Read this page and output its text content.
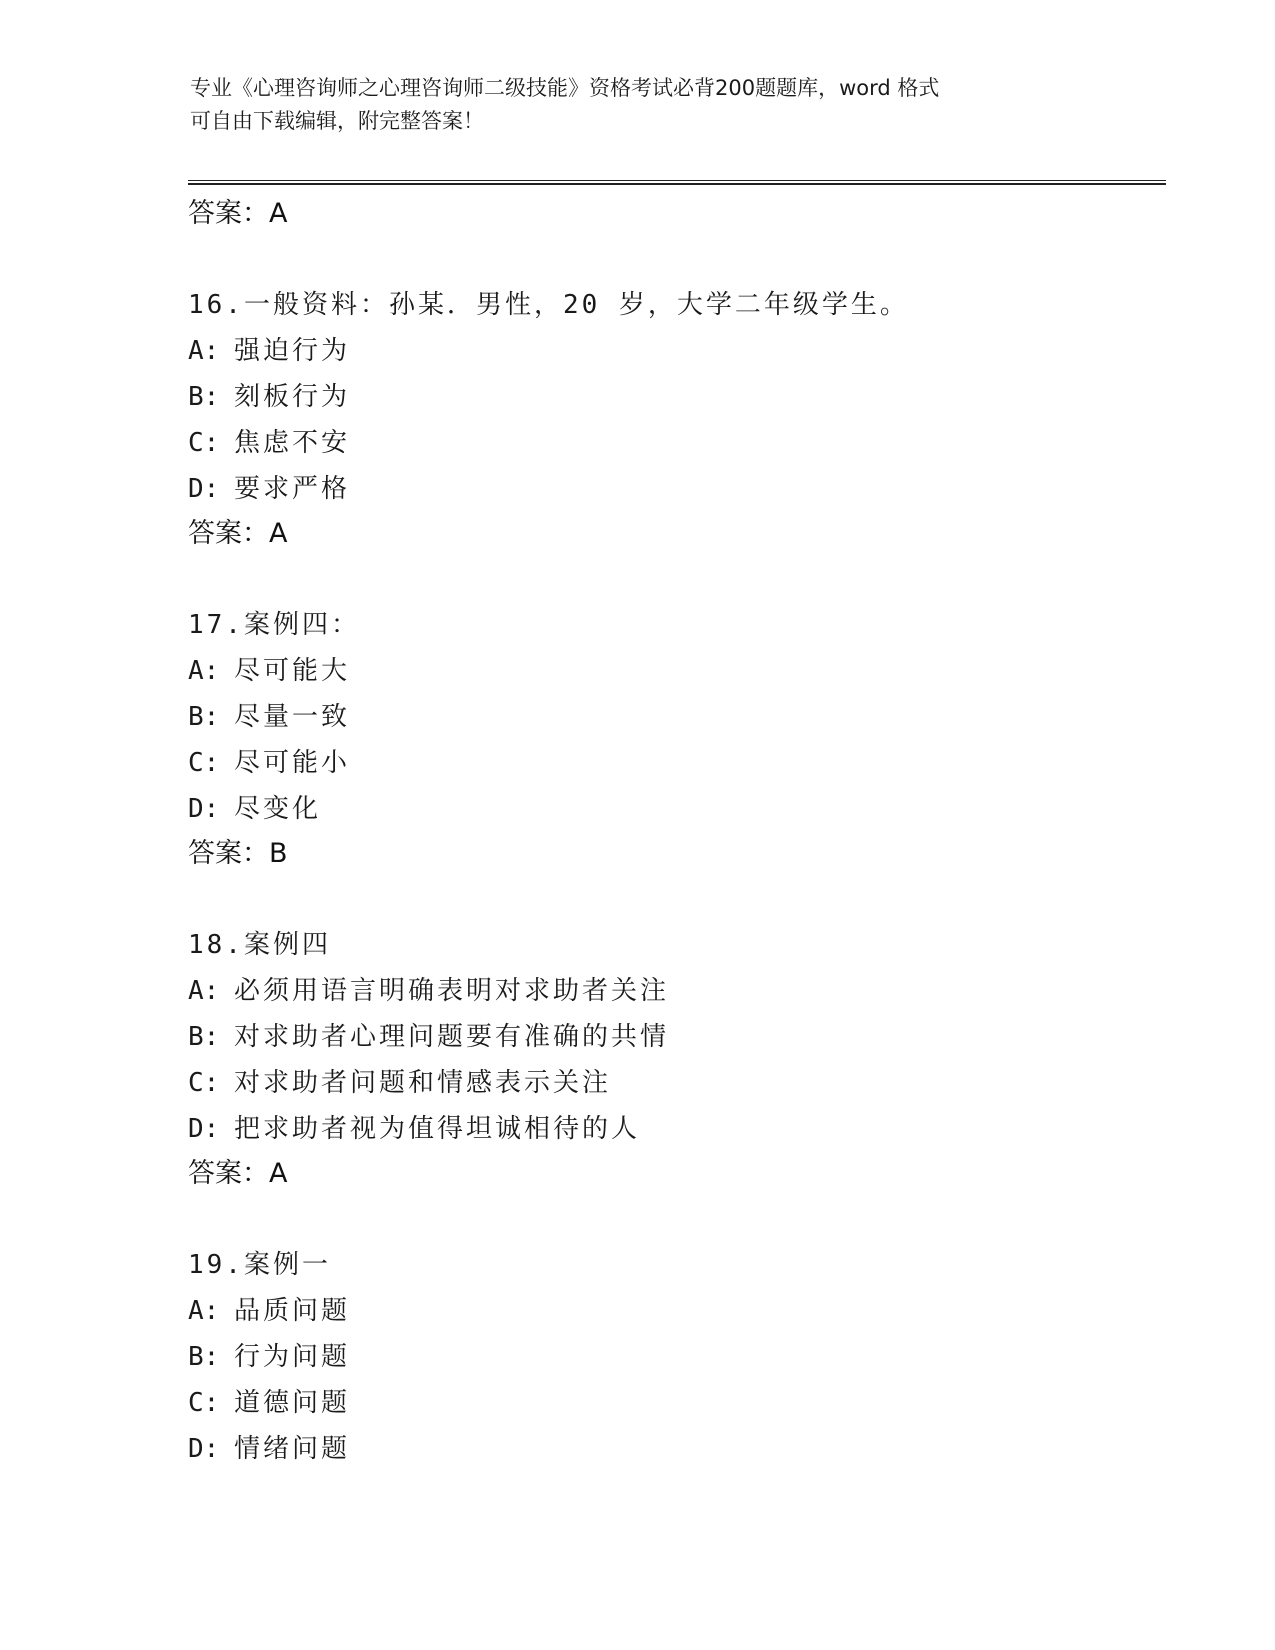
专业《心理咨询师之心理咨询师二级技能》资格考试必背200题题库，word 格式
可自由下载编辑，附完整答案！
答案：A
16.一般资料：孙某．男性，20 岁，大学二年级学生。
A: 强迫行为
B: 刻板行为
C: 焦虑不安
D: 要求严格
答案：A
17.案例四：
A: 尽可能大
B: 尽量一致
C: 尽可能小
D: 尽变化
答案：B
18.案例四
A: 必须用语言明确表明对求助者关注
B: 对求助者心理问题要有准确的共情
C: 对求助者问题和情感表示关注
D: 把求助者视为值得坦诚相待的人
答案：A
19.案例一
A: 品质问题
B: 行为问题
C: 道德问题
D: 情绪问题
